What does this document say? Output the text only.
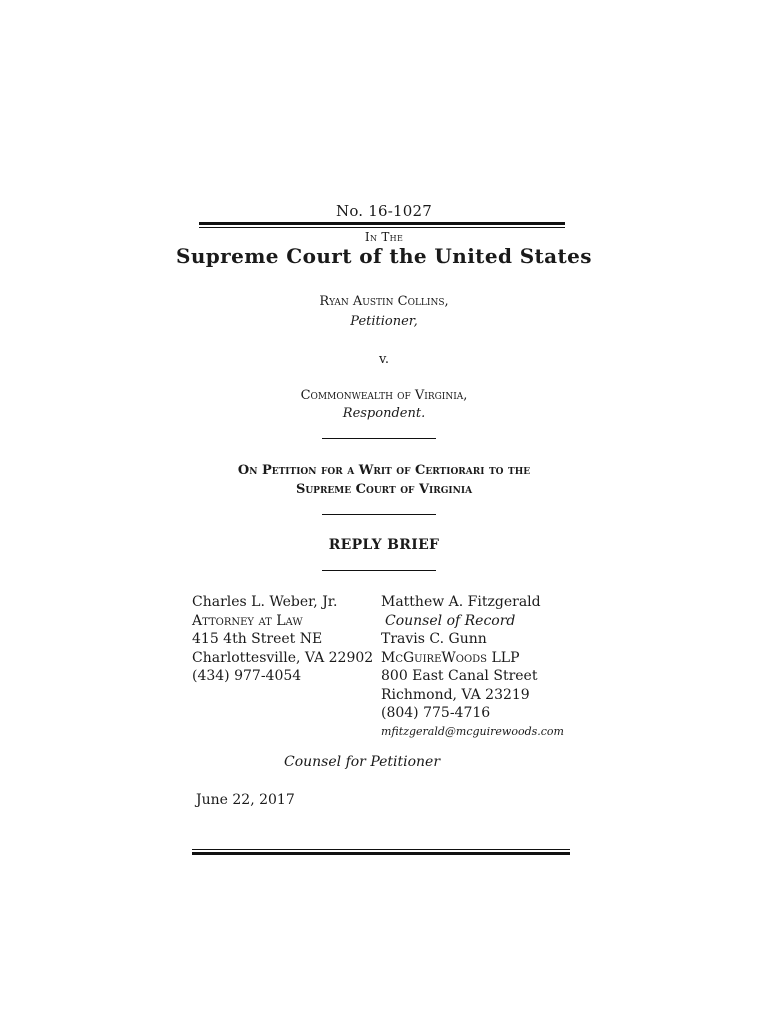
No. 16-1027
In The
Supreme Court of the United States
Ryan Austin Collins,
Petitioner,
v.
Commonwealth of Virginia,
Respondent.
On Petition for a Writ of Certiorari to the
Supreme Court of Virginia
REPLY BRIEF
Charles L. Weber, Jr.
Attorney at Law
415 4th Street NE
Charlottesville, VA 22902
(434) 977-4054
Matthew A. Fitzgerald
Counsel of Record
Travis C. Gunn
McGuireWoods LLP
800 East Canal Street
Richmond, VA 23219
(804) 775-4716
mfitzgerald@mcguirewoods.com
Counsel for Petitioner
June 22, 2017
